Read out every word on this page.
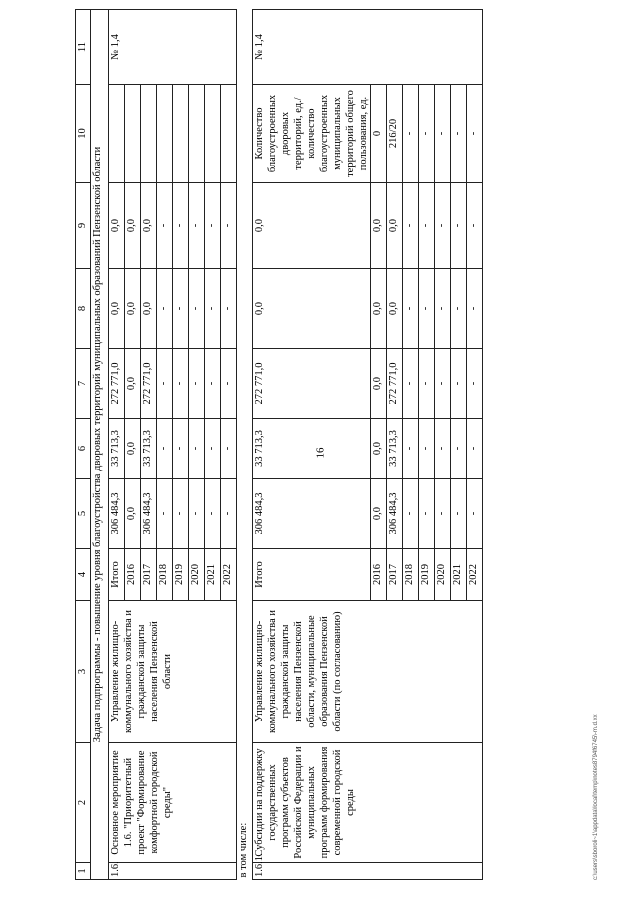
16
1	2	3	4	5	6	7	8	9	10	11
Задача подпрограммы - повышение уровня благоустройства дворовых территорий муниципальных образований Пензенской области										
1.6.	Основное мероприятие 1.6. "Приоритетный проект "Формирование комфортной городской среды"	Управление жилищно-коммунального хозяйства и гражданской защиты населения Пензенской области	Итого	306 484,3	33 713,3	272 771,0	0,0	0,0		№ 1,4
			2016	0,0	0,0	0,0	0,0	0,0		
			2017	306 484,3	33 713,3	272 771,0	0,0	0,0		
			2018	-	-	-	-	-		
			2019	-	-	-	-	-		
			2020	-	-	-	-	-		
			2021	-	-	-	-	-		
			2022	-	-	-	-	-		
в том числе:										
1.6.1.	Субсидии на поддержку государственных программ субъектов Российской Федерации и муниципальных программ формирования современной городской среды	Управление жилищно-коммунального хозяйства и гражданской защиты населения Пензенской области, муниципальные образования Пензенской области (по согласованию)	Итого	306 484,3	33 713,3	272 771,0	0,0	0,0	Количество благоустроенных дворовых территорий, ед./количество благоустроенных муниципальных территорий общего пользования, ед.	№ 1,4
			2016	0,0	0,0	0,0	0,0	0,0	0	
			2017	306 484,3	33 713,3	272 771,0	0,0	0,0	216/20	
			2018	-	-	-	-	-	-	
			2019	-	-	-	-	-	-	
			2020	-	-	-	-	-	-	
			2021	-	-	-	-	-	-	
			2022	-	-	-	-	-	-	
c:\users\sboroli~1\appdata\local\temp\notes8794f6745\-m.d.xx
